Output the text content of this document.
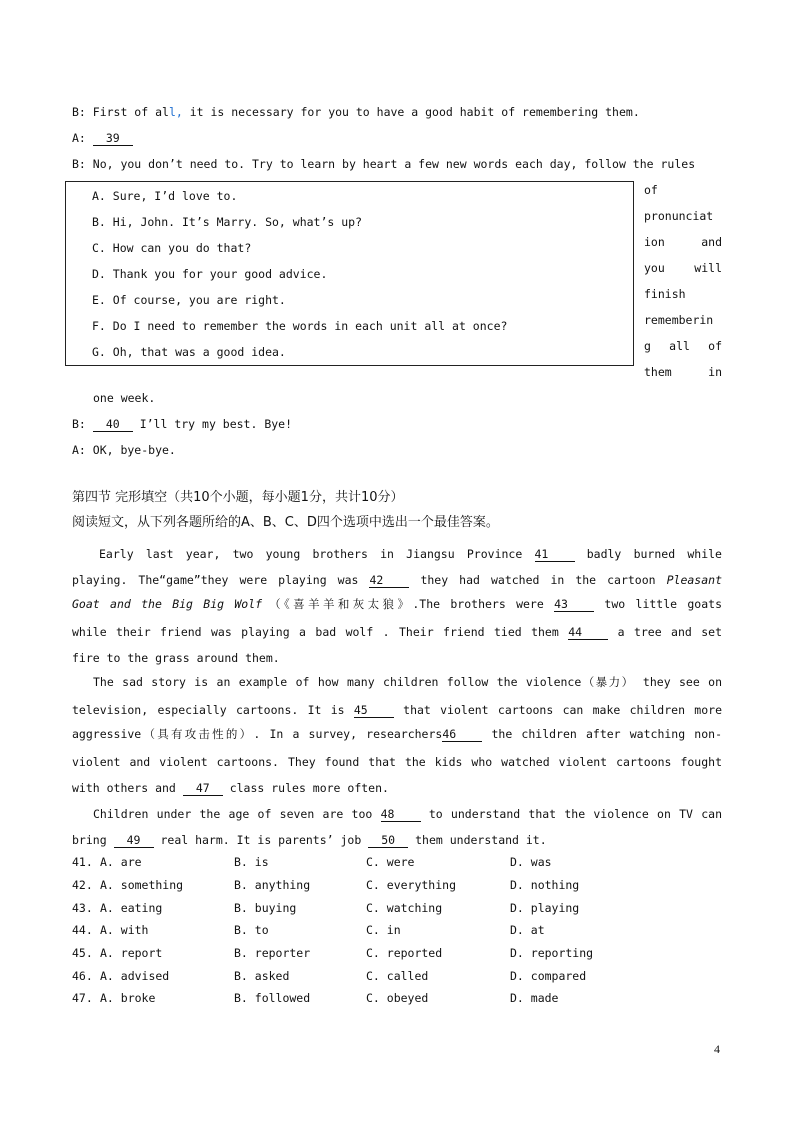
B: First of all, it is necessary for you to have a good habit of remembering them.
A: 39
B: No, you don’t need to. Try to learn by heart a few new words each day, follow the rules
A. Sure, I’d love to.
B. Hi, John. It’s Marry. So, what’s up?
C. How can you do that?
D. Thank you for your good advice.
E. Of course, you are right.
F. Do I need to remember the words in each unit all at once?
G. Oh, that was a good idea.
of
pronunciat
ion and
you will
finish
rememberin
g all of
them in
one week.
B: 40 I’ll try my best. Bye!
A: OK, bye-bye.
第四节 完形填空（共10个小题，每小题1分，共计10分）
阅读短文，从下列各题所给的A、B、C、D四个选项中选出一个最佳答案。
Early last year, two young brothers in Jiangsu Province 41 badly burned while
playing. The“game”they were playing was 42 they had watched in the cartoon Pleasant
Goat and the Big Big Wolf （《喜羊羊和灰太狼》.The brothers were 43 two little goats
while their friend was playing a bad wolf . Their friend tied them 44 a tree and set
fire to the grass around them.
The sad story is an example of how many children follow the violence（暴力） they see on
television, especially cartoons. It is 45 that violent cartoons can make children more
aggressive（具有攻击性的）. In a survey, researchers46 the children after watching non-
violent and violent cartoons. They found that the kids who watched violent cartoons fought
with others and 47 class rules more often.
Children under the age of seven are too 48 to understand that the violence on TV can
bring 49 real harm. It is parents’ job 50 them understand it.
41. A. are	B. is	C. were	D. was
42. A. something	B. anything	C. everything	D. nothing
43. A. eating	B. buying	C. watching	D. playing
44. A. with	B. to	C. in	D. at
45. A. report	B. reporter	C. reported	D. reporting
46. A. advised	B. asked	C. called	D. compared
47. A. broke	B. followed	C. obeyed	D. made
4
